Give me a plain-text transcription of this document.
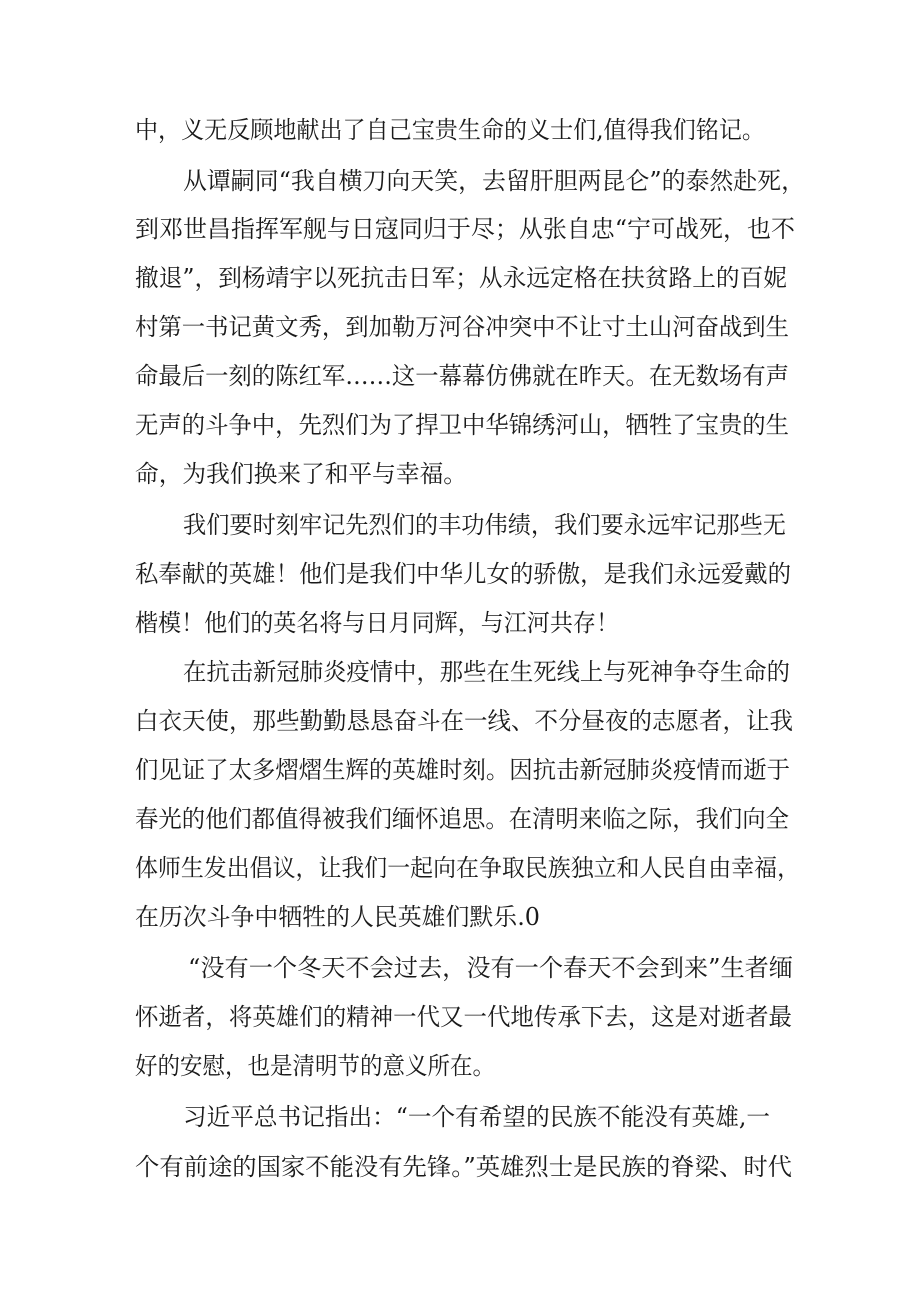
中，义无反顾地献出了自己宝贵生命的义士们,值得我们铭记。
从谭嗣同“我自横刀向天笑，去留肝胆两昆仑”的泰然赴死，
到邓世昌指挥军舰与日寇同归于尽；从张自忠“宁可战死，也不
撤退”，到杨靖宇以死抗击日军；从永远定格在扶贫路上的百妮
村第一书记黄文秀，到加勒万河谷冲突中不让寸土山河奋战到生
命最后一刻的陈红军……这一幕幕仿佛就在昨天。在无数场有声
无声的斗争中，先烈们为了捍卫中华锦绣河山，牺牲了宝贵的生
命，为我们换来了和平与幸福。
我们要时刻牢记先烈们的丰功伟绩，我们要永远牢记那些无
私奉献的英雄！他们是我们中华儿女的骄傲，是我们永远爱戴的
楷模！他们的英名将与日月同辉，与江河共存！
在抗击新冠肺炎疫情中，那些在生死线上与死神争夺生命的
白衣天使，那些勤勤恳恳奋斗在一线、不分昼夜的志愿者，让我
们见证了太多熠熠生辉的英雄时刻。因抗击新冠肺炎疫情而逝于
春光的他们都值得被我们缅怀追思。在清明来临之际，我们向全
体师生发出倡议，让我们一起向在争取民族独立和人民自由幸福，
在历次斗争中牺牲的人民英雄们默乐.0
“没有一个冬天不会过去，没有一个春天不会到来”生者缅
怀逝者，将英雄们的精神一代又一代地传承下去，这是对逝者最
好的安慰，也是清明节的意义所在。
习近平总书记指出：“一个有希望的民族不能没有英雄,一
个有前途的国家不能没有先锋。”英雄烈士是民族的脊梁、时代
